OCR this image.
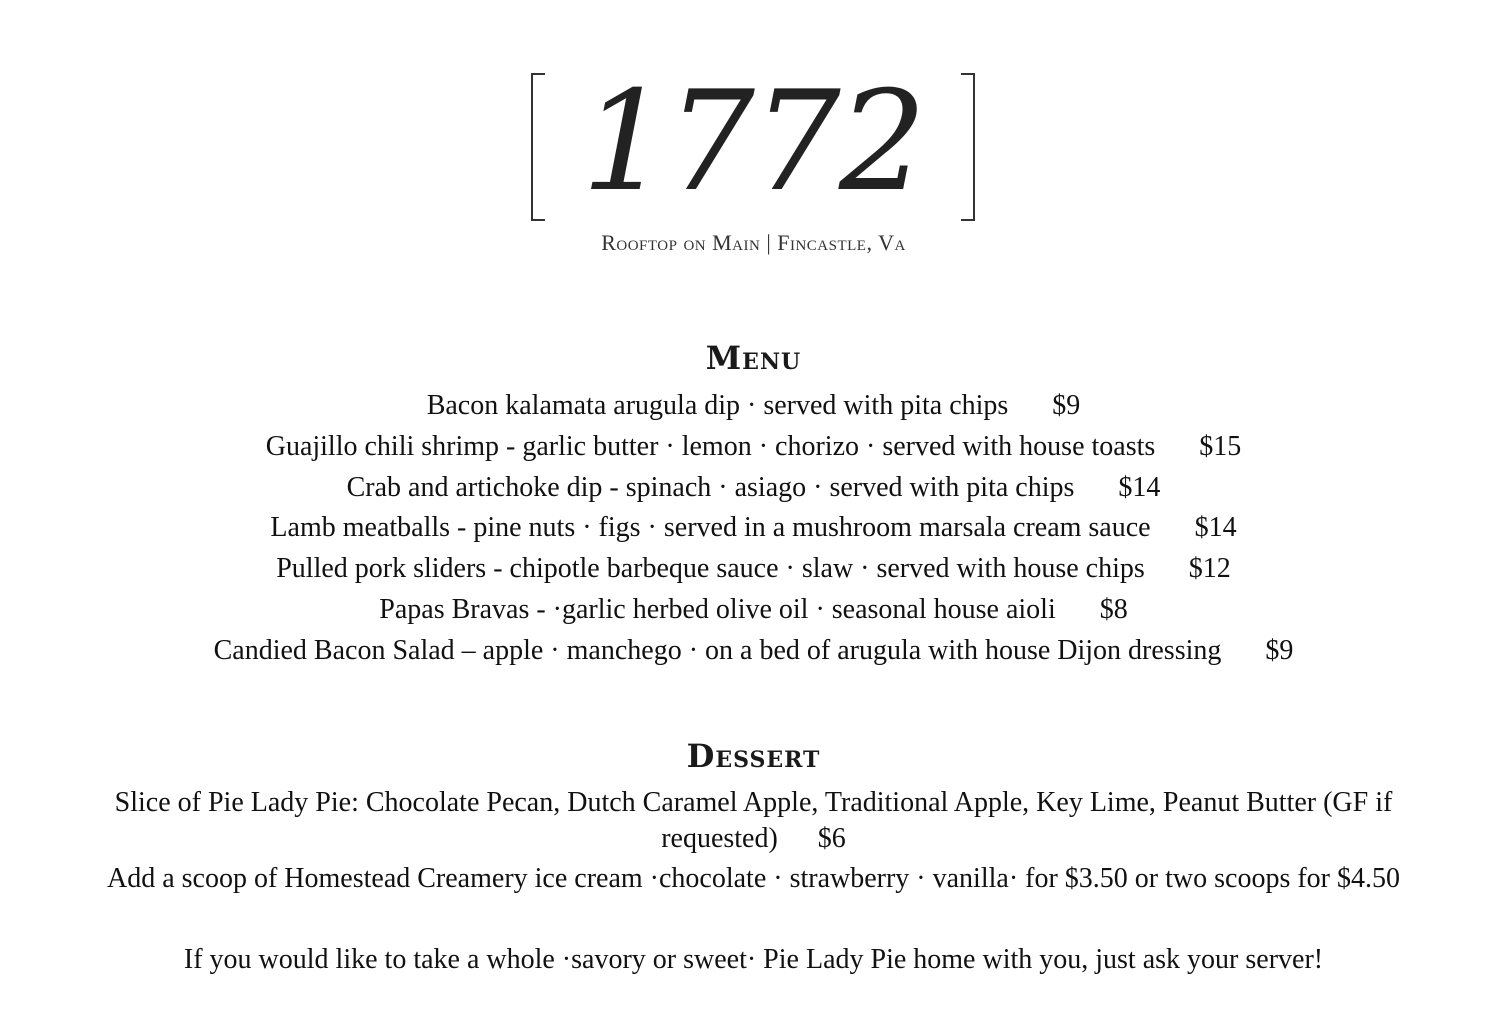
1772
Rooftop on Main | Fincastle, Va
Menu
Bacon kalamata arugula dip · served with pita chips $9
Guajillo chili shrimp - garlic butter · lemon · chorizo · served with house toasts $15
Crab and artichoke dip - spinach · asiago · served with pita chips $14
Lamb meatballs - pine nuts · figs · served in a mushroom marsala cream sauce $14
Pulled pork sliders - chipotle barbeque sauce · slaw · served with house chips $12
Papas Bravas - ·garlic herbed olive oil · seasonal house aioli $8
Candied Bacon Salad – apple · manchego · on a bed of arugula with house Dijon dressing $9
Dessert

Slice of Pie Lady Pie: Chocolate Pecan, Dutch Caramel Apple, Traditional Apple, Key Lime, Peanut Butter (GF if requested) $6

Add a scoop of Homestead Creamery ice cream ·chocolate · strawberry · vanilla· for $3.50 or two scoops for $4.50

If you would like to take a whole ·savory or sweet· Pie Lady Pie home with you, just ask your server!
